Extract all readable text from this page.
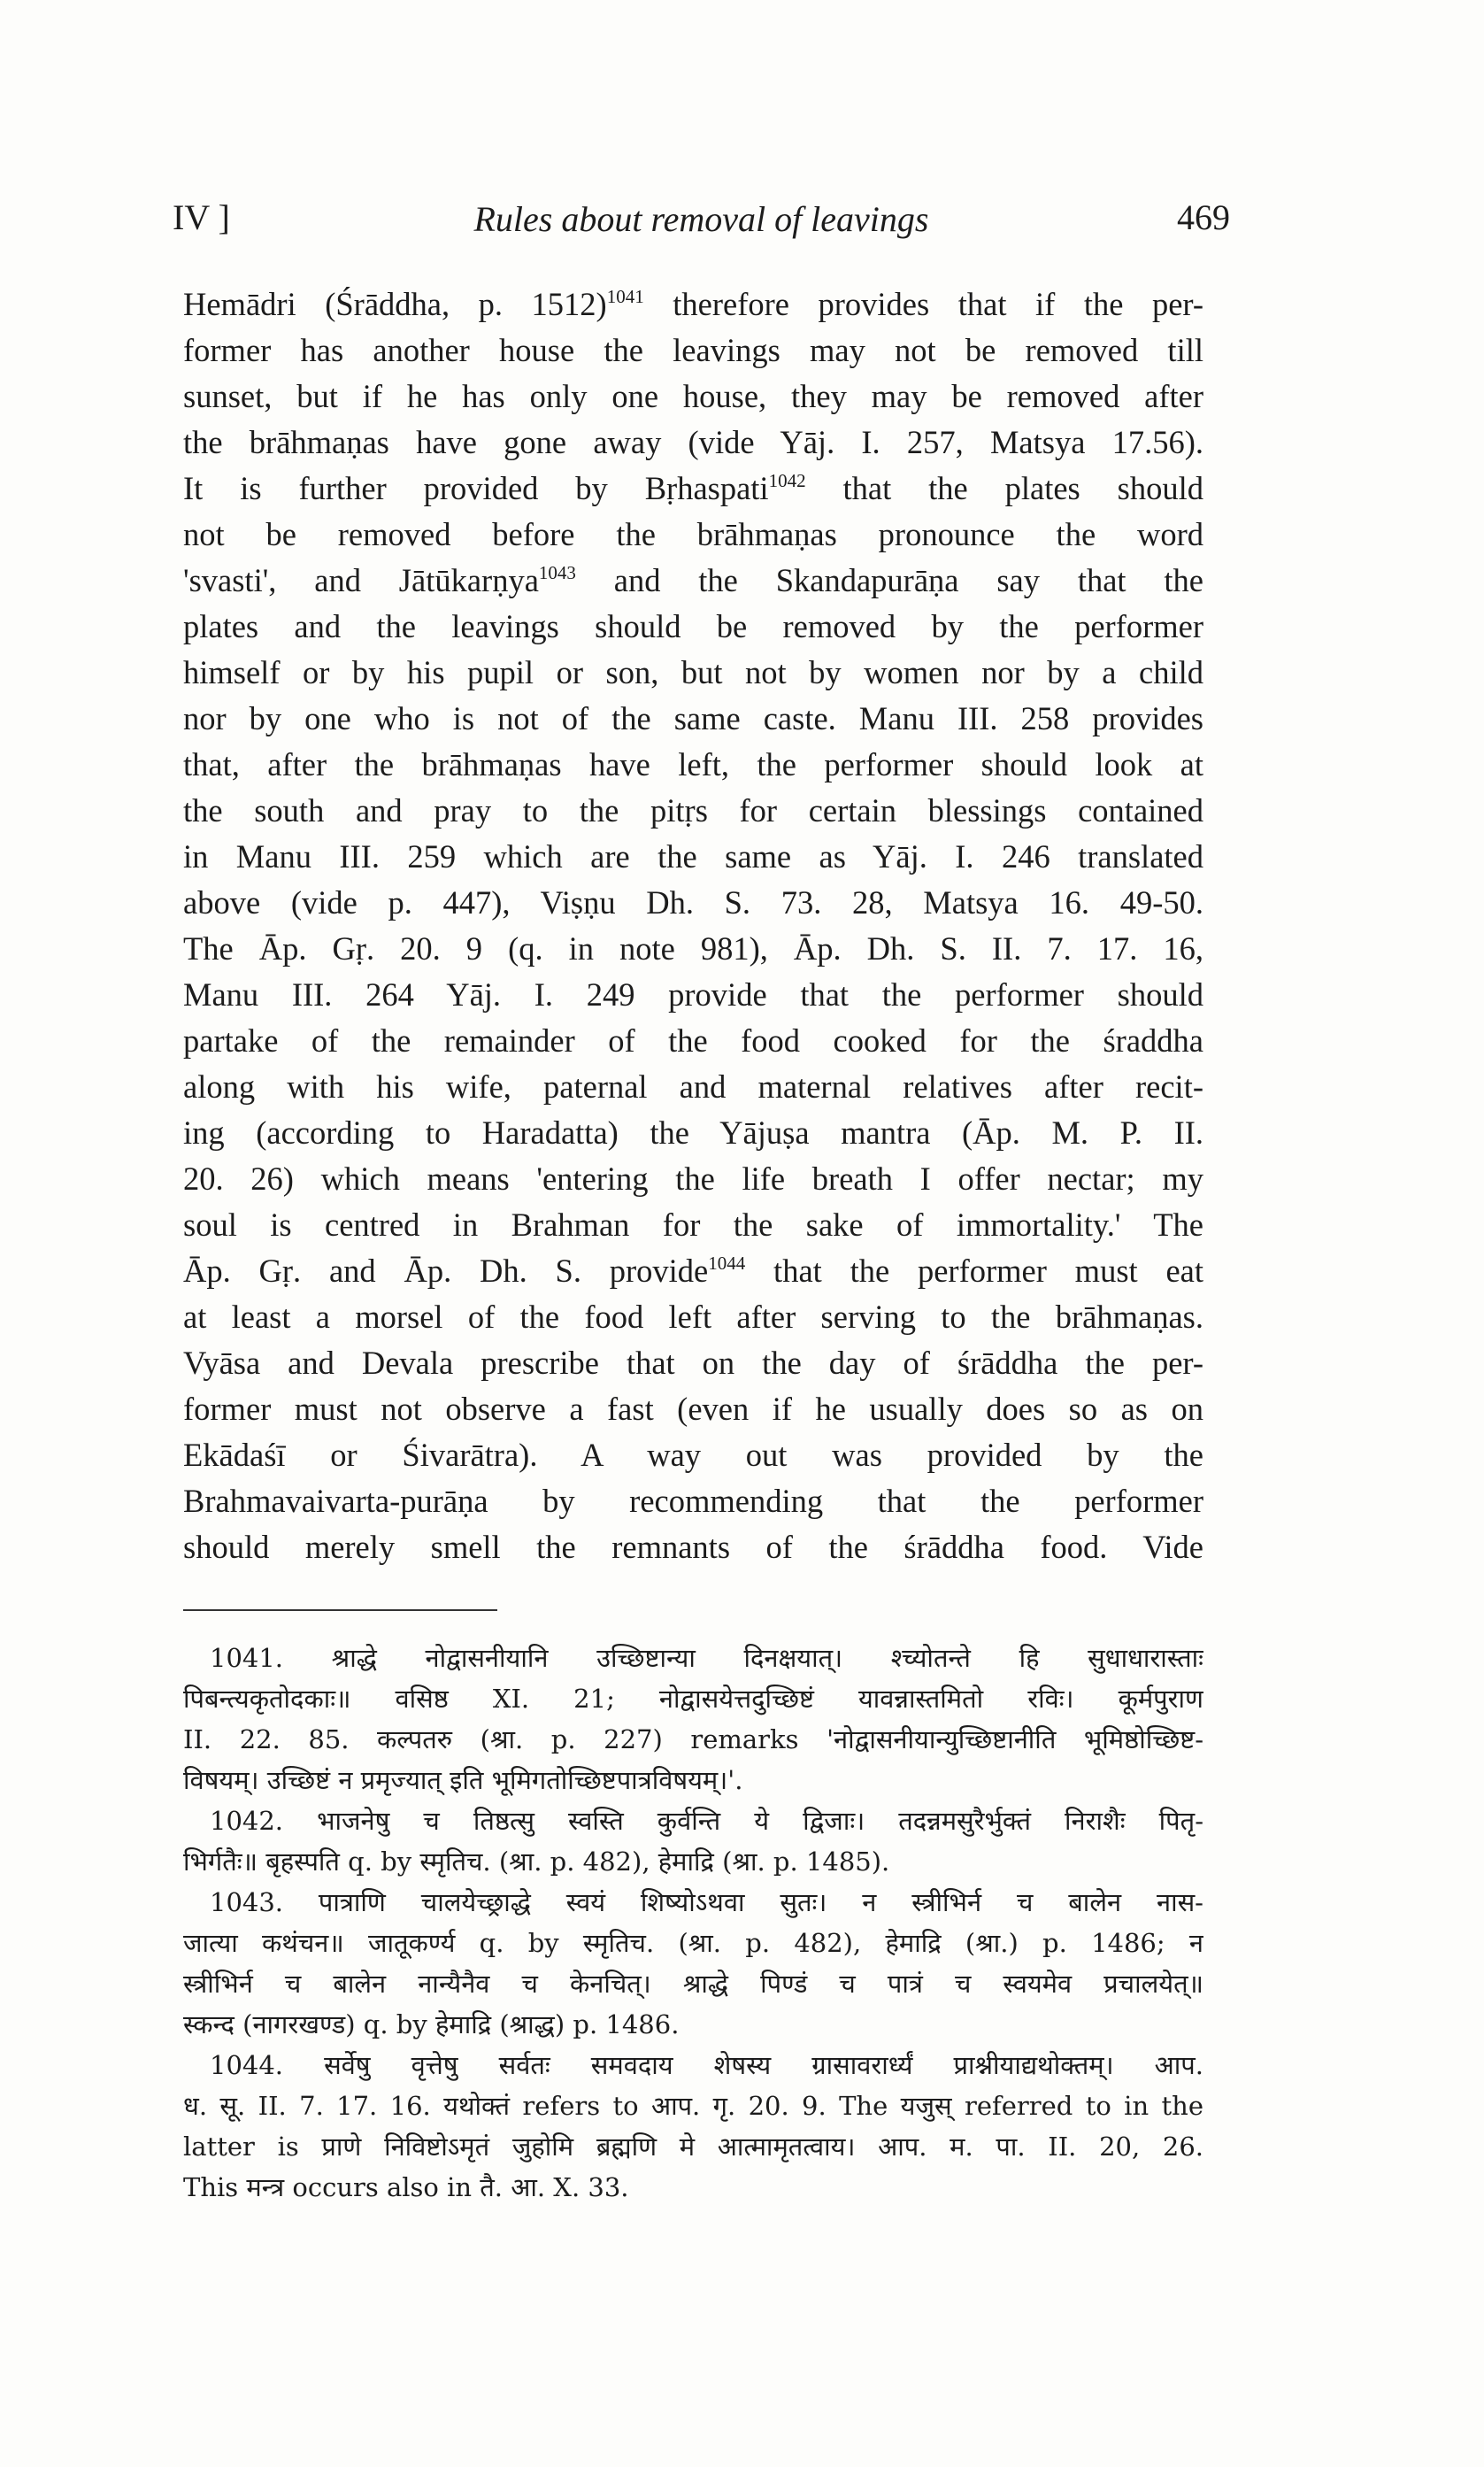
IV ]	Rules about removal of leavings	469
Hemādri (Śrāddha, p. 1512)$^{1041}$ therefore provides that if the per-
former has another house the leavings may not be removed till
sunset, but if he has only one house, they may be removed after
the brāhmaṇas have gone away (vide Yāj. I. 257, Matsya 17.56).
It is further provided by Bṛhaspati$^{1042}$ that the plates should
not be removed before the brāhmaṇas pronounce the word
'svasti', and Jātūkarṇya$^{1043}$ and the Skandapurāṇa say that the
plates and the leavings should be removed by the performer
himself or by his pupil or son, but not by women nor by a child
nor by one who is not of the same caste. Manu III. 258 provides
that, after the brāhmaṇas have left, the performer should look at
the south and pray to the pitṛs for certain blessings contained
in Manu III. 259 which are the same as Yāj. I. 246 translated
above (vide p. 447), Viṣṇu Dh. S. 73. 28, Matsya 16. 49-50.
The Āp. Gṛ. 20. 9 (q. in note 981), Āp. Dh. S. II. 7. 17. 16,
Manu III. 264 Yāj. I. 249 provide that the performer should
partake of the remainder of the food cooked for the śraddha
along with his wife, paternal and maternal relatives after recit-
ing (according to Haradatta) the Yājuṣa mantra (Āp. M. P. II.
20. 26) which means 'entering the life breath I offer nectar; my
soul is centred in Brahman for the sake of immortality.' The
Āp. Gṛ. and Āp. Dh. S. provide$^{1044}$ that the performer must eat
at least a morsel of the food left after serving to the brāhmaṇas.
Vyāsa and Devala prescribe that on the day of śrāddha the per-
former must not observe a fast (even if he usually does so as on
Ekādaśī or Śivarātra). A way out was provided by the
Brahmavaivarta-purāṇa by recommending that the performer
should merely smell the remnants of the śrāddha food. Vide
1041. श्राद्धे नोद्वासनीयानि उच्छिष्टान्या दिनक्षयात्। श्च्योतन्ते हि सुधाधारास्ताः
पिबन्त्यकृतोदकाः॥ वसिष्ठ XI. 21; नोद्वासयेत्तदुच्छिष्टं यावन्नास्तमितो रविः। कूर्मपुराण
II. 22. 85. कल्पतरु (श्रा. p. 227) remarks 'नोद्वासनीयान्युच्छिष्टानीति भूमिष्ठोच्छिष्ट-
विषयम्। उच्छिष्टं न प्रमृज्यात् इति भूमिगतोच्छिष्टपात्रविषयम्।'.
1042. भाजनेषु च तिष्ठत्सु स्वस्ति कुर्वन्ति ये द्विजाः। तदन्नमसुरैर्भुक्तं निराशैः पितृ-
भिर्गतैः॥ बृहस्पति q. by स्मृतिच. (श्रा. p. 482), हेमाद्रि (श्रा. p. 1485).
1043. पात्राणि चालयेच्छ्राद्धे स्वयं शिष्योऽथवा सुतः। न स्त्रीभिर्न च बालेन नास-
जात्या कथंचन॥ जातूकर्ण्य q. by स्मृतिच. (श्रा. p. 482), हेमाद्रि (श्रा.) p. 1486; न
स्त्रीभिर्न च बालेन नान्यैनैव च केनचित्। श्राद्धे पिण्डं च पात्रं च स्वयमेव प्रचालयेत्॥
स्कन्द (नागरखण्ड) q. by हेमाद्रि (श्राद्ध) p. 1486.
1044. सर्वेषु वृत्तेषु सर्वतः समवदाय शेषस्य ग्रासावरार्ध्यं प्राश्नीयाद्यथोक्तम्। आप.
ध. सू. II. 7. 17. 16. यथोक्तं refers to आप. गृ. 20. 9. The यजुस् referred to in the
latter is प्राणे निविष्टोऽमृतं जुहोमि ब्रह्मणि मे आत्मामृतत्वाय। आप. म. पा. II. 20, 26.
This मन्त्र occurs also in तै. आ. X. 33.
